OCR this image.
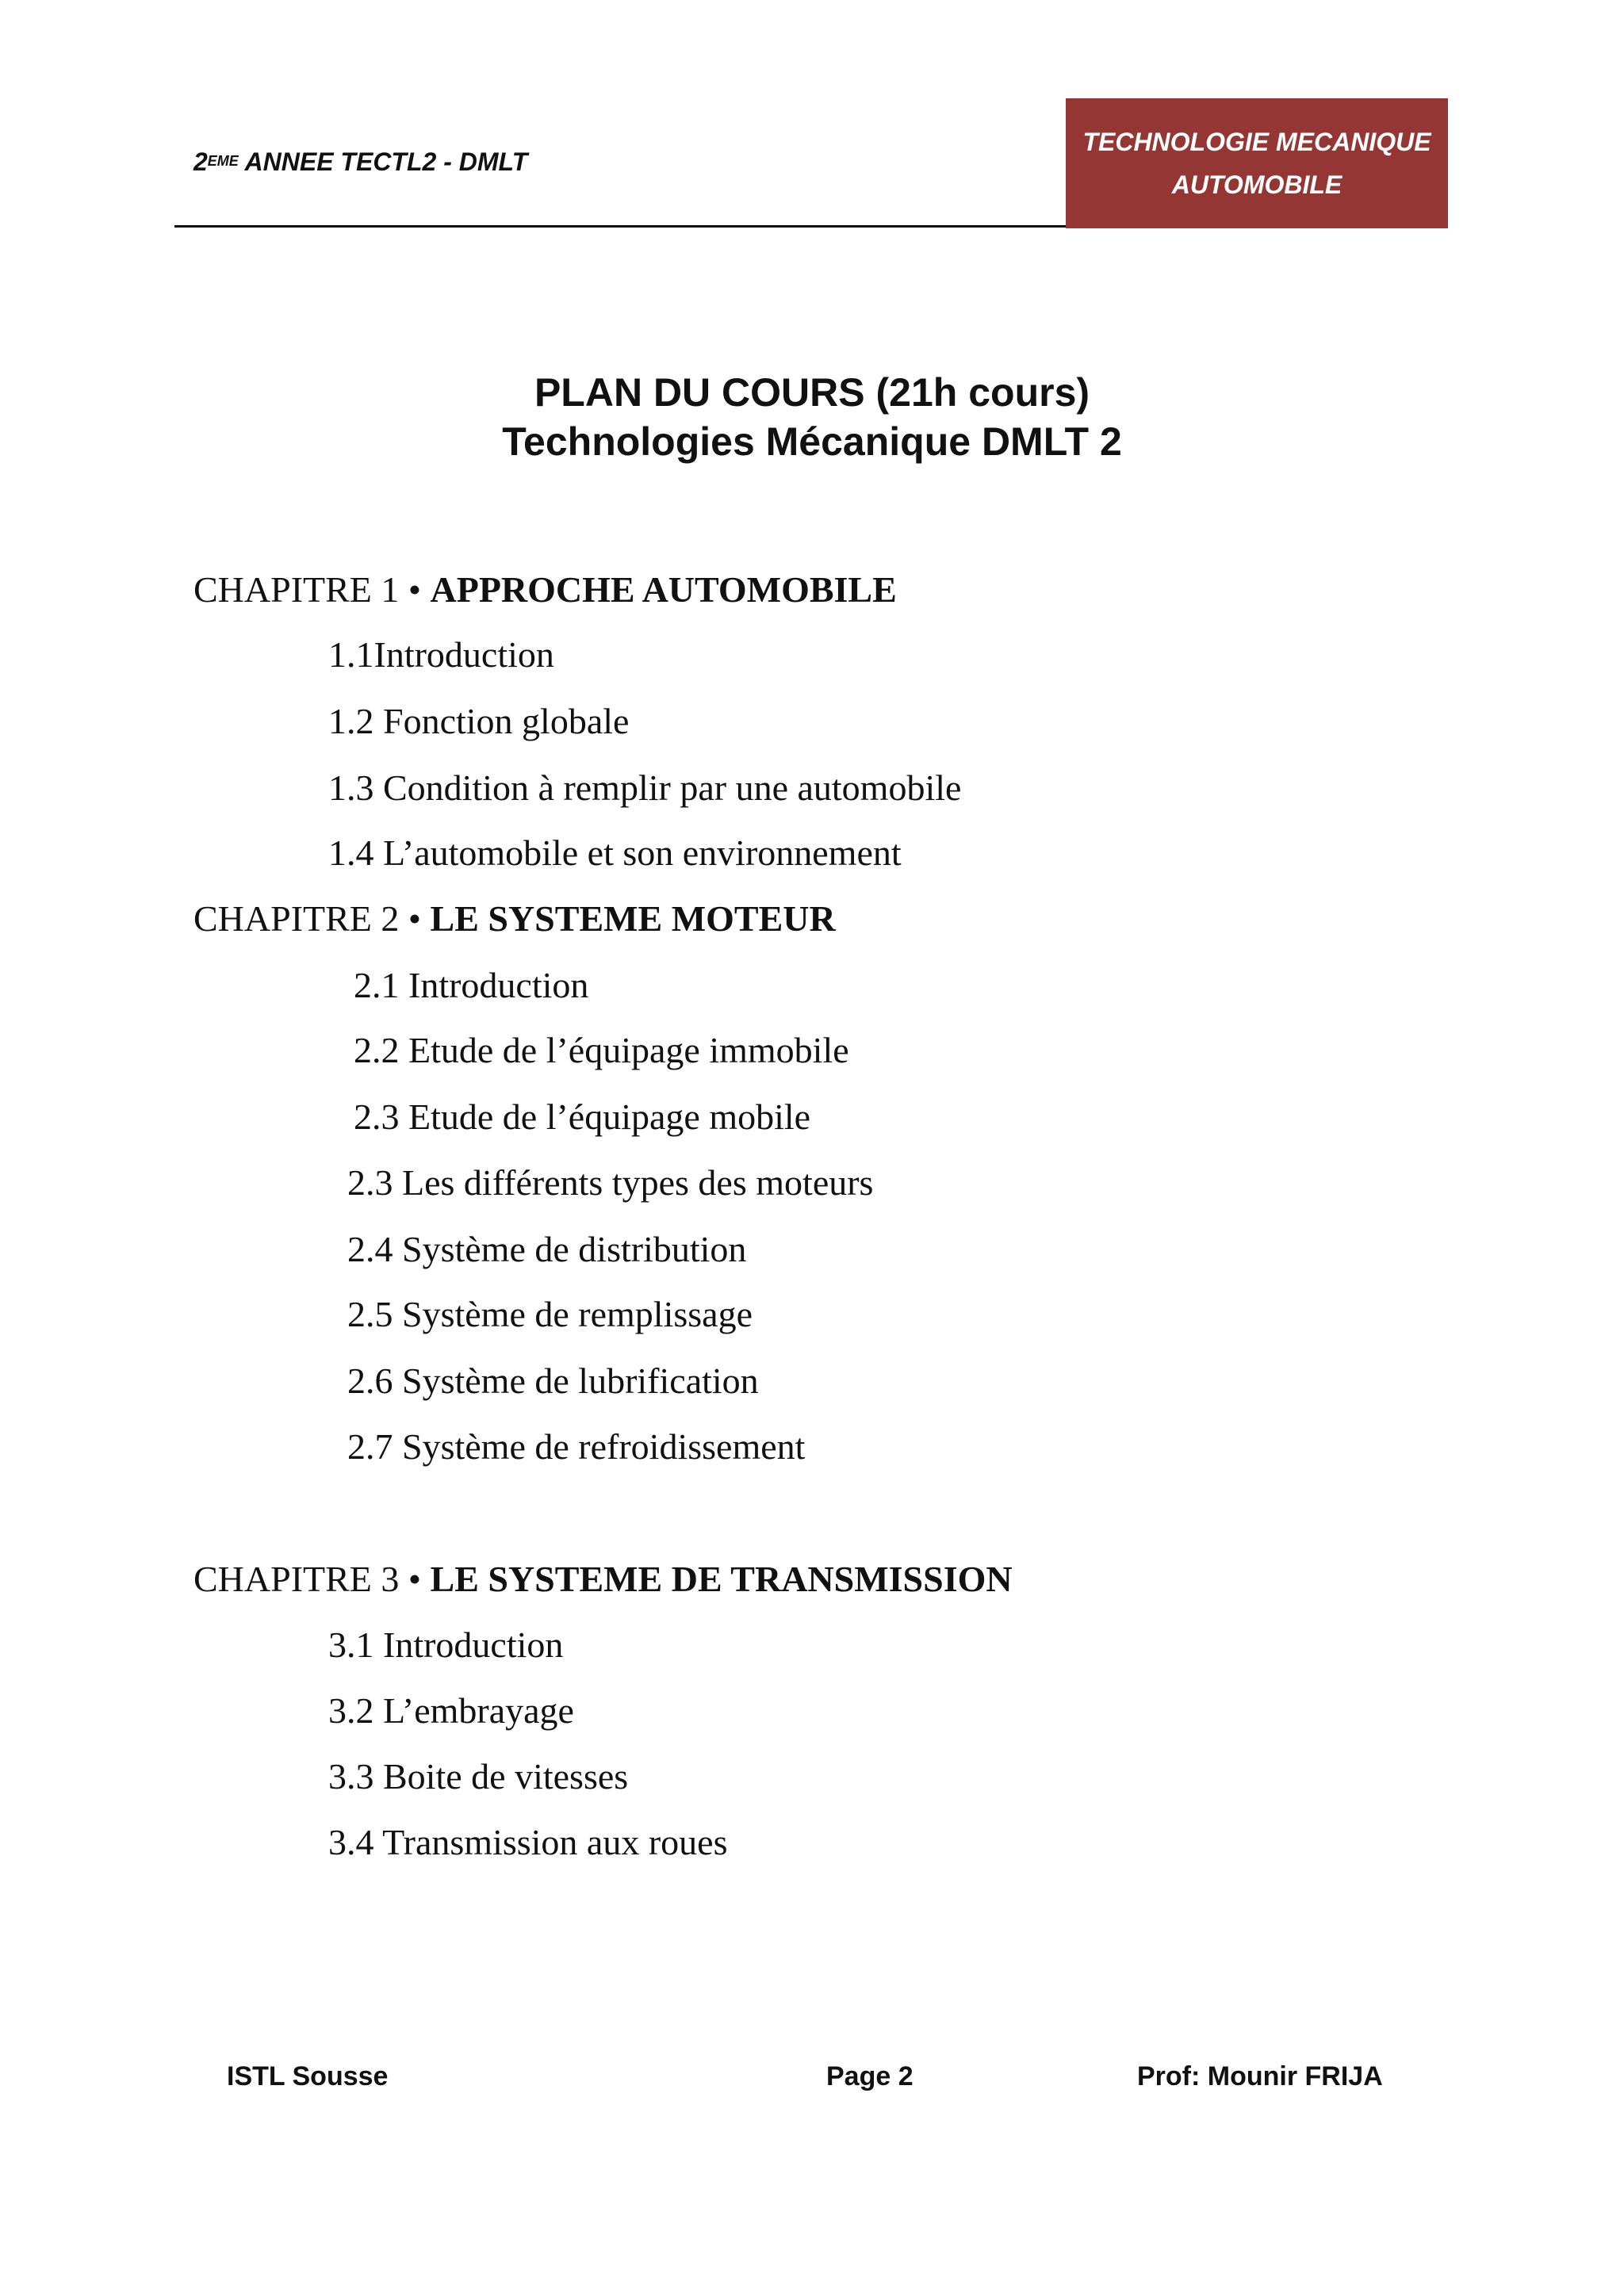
2EME ANNEE TECTL2 - DMLT
TECHNOLOGIE MECANIQUE
AUTOMOBILE
PLAN DU COURS (21h cours)
Technologies Mécanique DMLT 2
CHAPITRE 1 • APPROCHE AUTOMOBILE
1.1Introduction
1.2 Fonction globale
1.3 Condition à remplir par une automobile
1.4 L’automobile et son environnement
CHAPITRE 2 • LE SYSTEME MOTEUR
2.1 Introduction
2.2 Etude de l’équipage immobile
2.3 Etude de l’équipage mobile
2.3 Les différents types des moteurs
2.4 Système de distribution
2.5 Système de remplissage
2.6 Système de lubrification
2.7 Système de refroidissement
CHAPITRE 3 • LE SYSTEME DE TRANSMISSION
3.1 Introduction
3.2 L’embrayage
3.3 Boite de vitesses
3.4 Transmission aux roues
ISTL Sousse	Page 2	Prof: Mounir FRIJA
